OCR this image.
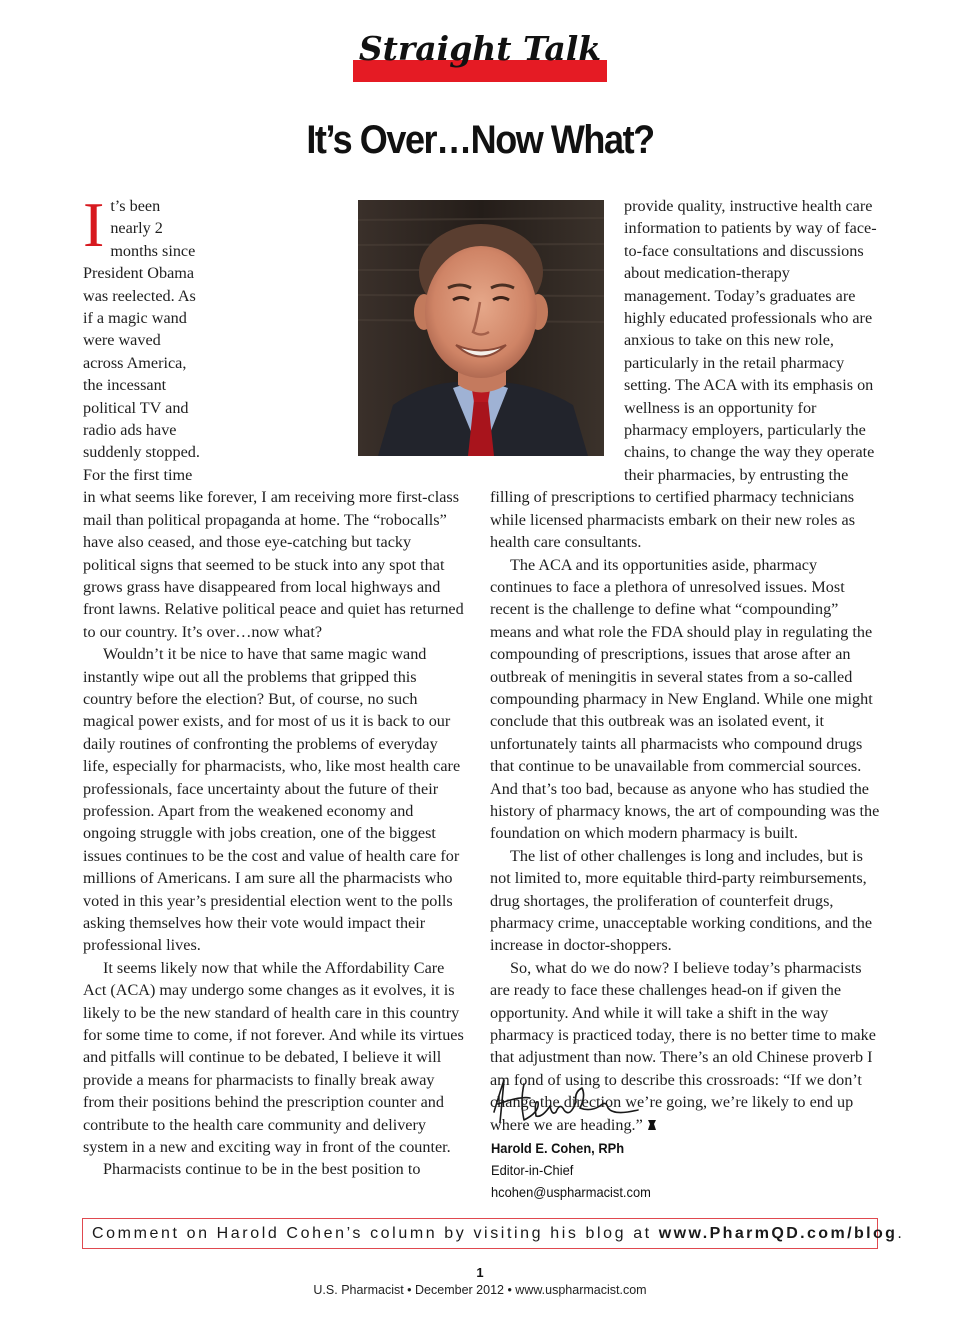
Straight Talk
It’s Over…Now What?

It’s been nearly 2 months since President Obama was reelected. As if a magic wand were waved across America, the incessant political TV and radio ads have suddenly stopped. For the first time in what seems like forever, I am receiving more first-class mail than political propaganda at home. The “robocalls” have also ceased, and those eye-catching but tacky political signs that seemed to be stuck into any spot that grows grass have disappeared from local highways and front lawns. Relative political peace and quiet has returned to our country. It’s over…now what?

Wouldn’t it be nice to have that same magic wand instantly wipe out all the problems that gripped this country before the election? But, of course, no such magical power exists, and for most of us it is back to our daily routines of confronting the problems of everyday life, especially for pharmacists, who, like most health care professionals, face uncertainty about the future of their profession. Apart from the weakened economy and ongoing struggle with jobs creation, one of the biggest issues continues to be the cost and value of health care for millions of Americans. I am sure all the pharmacists who voted in this year’s presidential election went to the polls asking themselves how their vote would impact their professional lives.

It seems likely now that while the Affordability Care Act (ACA) may undergo some changes as it evolves, it is likely to be the new standard of health care in this country for some time to come, if not forever. And while its virtues and pitfalls will continue to be debated, I believe it will provide a means for pharmacists to finally break away from their positions behind the prescription counter and contribute to the health care community and delivery system in a new and exciting way in front of the counter.

Pharmacists continue to be in the best position to

provide quality, instructive health care information to patients by way of face-to-face consultations and discussions about medication-therapy management. Today’s graduates are highly educated professionals who are anxious to take on this new role, particularly in the retail pharmacy setting. The ACA with its emphasis on wellness is an opportunity for pharmacy employers, particularly the chains, to change the way they operate their pharmacies, by entrusting the filling of prescriptions to certified pharmacy technicians while licensed pharmacists embark on their new roles as health care consultants.

The ACA and its opportunities aside, pharmacy continues to face a plethora of unresolved issues. Most recent is the challenge to define what “compounding” means and what role the FDA should play in regulating the compounding of prescriptions, issues that arose after an outbreak of meningitis in several states from a so-called compounding pharmacy in New England. While one might conclude that this outbreak was an isolated event, it unfortunately taints all pharmacists who compound drugs that continue to be unavailable from commercial sources. And that’s too bad, because as anyone who has studied the history of pharmacy knows, the art of compounding was the foundation on which modern pharmacy is built.

The list of other challenges is long and includes, but is not limited to, more equitable third-party reimbursements, drug shortages, the proliferation of counterfeit drugs, pharmacy crime, unacceptable working conditions, and the increase in doctor-shoppers.

So, what do we do now? I believe today’s pharmacists are ready to face these challenges head-on if given the opportunity. And while it will take a shift in the way pharmacy is practiced today, there is no better time to make that adjustment than now. There’s an old Chinese proverb I am fond of using to describe this crossroads: “If we don’t change the direction we’re going, we’re likely to end up where we are heading.”

Harold E. Cohen, RPh
Editor-in-Chief
hcohen@uspharmacist.com
Comment on Harold Cohen’s column by visiting his blog at www.PharmQD.com/blog.
1
U.S. Pharmacist • December 2012 • www.uspharmacist.com
